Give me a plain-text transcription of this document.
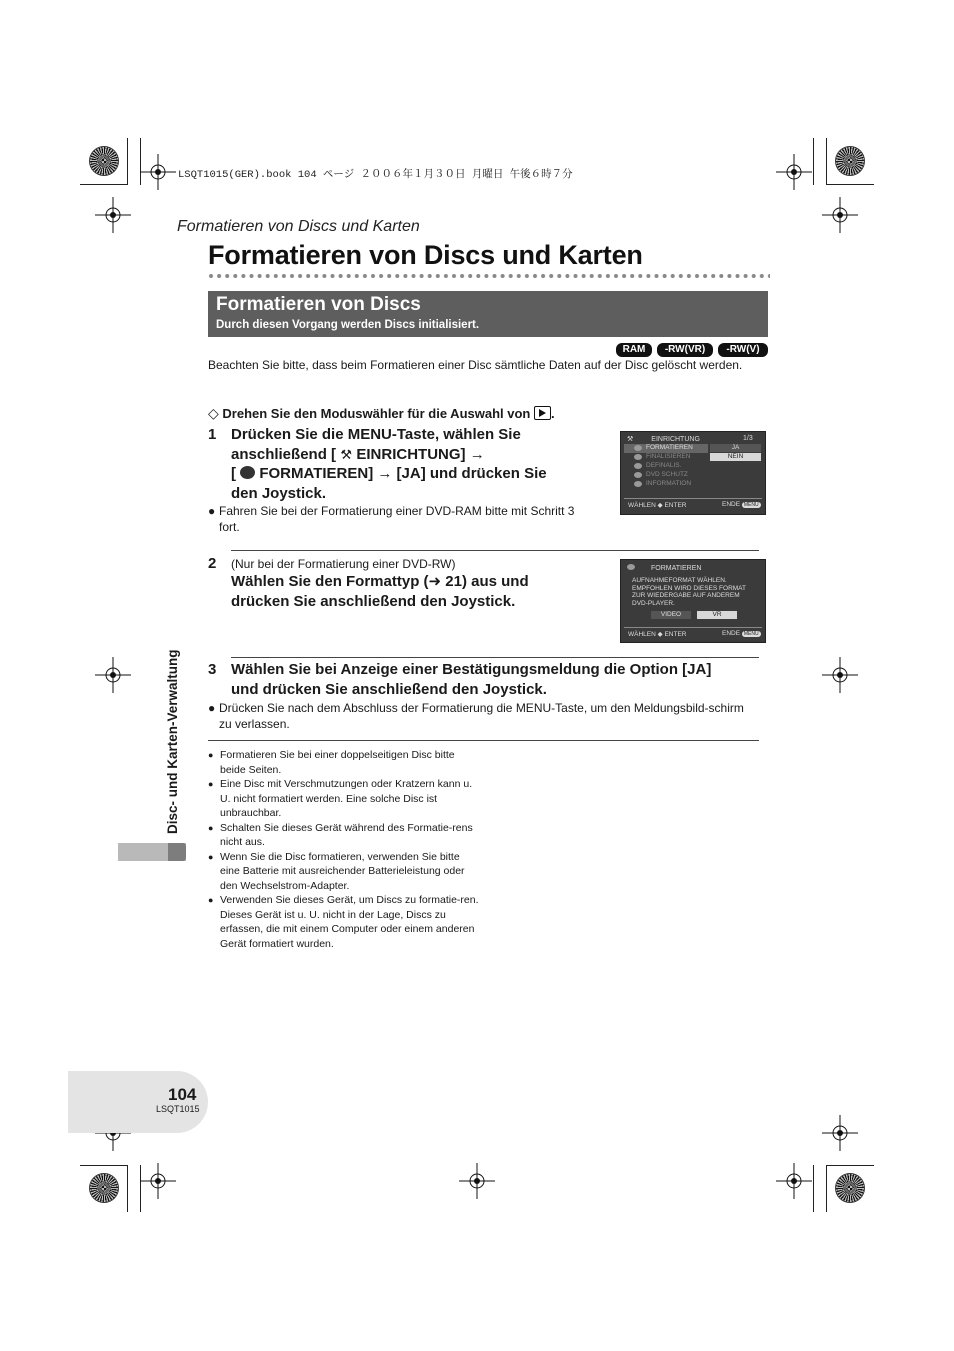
LSQT1015(GER).book 104 ページ ２００６年１月３０日 月曜日 午後６時７分
Formatieren von Discs und Karten
Formatieren von Discs und Karten
Formatieren von Discs
Durch diesen Vorgang werden Discs initialisiert.
RAM	-RW(VR)	-RW(V)
Beachten Sie bitte, dass beim Formatieren einer Disc sämtliche Daten auf der Disc gelöscht werden.
◇ Drehen Sie den Moduswähler für die Auswahl von .
1 Drücken Sie die MENU-Taste, wählen Sie
anschließend [ ⚒ EINRICHTUNG] →
[ FORMATIEREN] → [JA] und drücken Sie
den Joystick.
● Fahren Sie bei der Formatierung einer DVD-RAM bitte mit Schritt 3 fort.
⚒	EINRICHTUNG	1/3
FORMATIEREN
FINALISIEREN
DEFINALIS.
DVD SCHUTZ
INFORMATION
JA
NEIN
WÄHLEN ◆ ENTER	ENDE MENU
2 (Nur bei der Formatierung einer DVD-RW)
Wählen Sie den Formattyp (➜ 21) aus und
drücken Sie anschließend den Joystick.
FORMATIEREN
AUFNAHMEFORMAT WÄHLEN.
EMPFOHLEN WIRD DIESES FORMAT
ZUR WIEDERGABE AUF ANDEREM
DVD-PLAYER.
VIDEO	VR
WÄHLEN ◆ ENTER	ENDE MENU
3 Wählen Sie bei Anzeige einer Bestätigungsmeldung die Option [JA]
und drücken Sie anschließend den Joystick.
● Drücken Sie nach dem Abschluss der Formatierung die MENU-Taste, um den Meldungsbild-schirm zu verlassen.
● Formatieren Sie bei einer doppelseitigen Disc bitte beide Seiten.
● Eine Disc mit Verschmutzungen oder Kratzern kann u. U. nicht formatiert werden. Eine solche Disc ist unbrauchbar.
● Schalten Sie dieses Gerät während des Formatie-rens nicht aus.
● Wenn Sie die Disc formatieren, verwenden Sie bitte eine Batterie mit ausreichender Batterieleistung oder den Wechselstrom-Adapter.
● Verwenden Sie dieses Gerät, um Discs zu formatie-ren. Dieses Gerät ist u. U. nicht in der Lage, Discs zu erfassen, die mit einem Computer oder einem anderen Gerät formatiert wurden.
Disc- und Karten-Verwaltung
104
LSQT1015
